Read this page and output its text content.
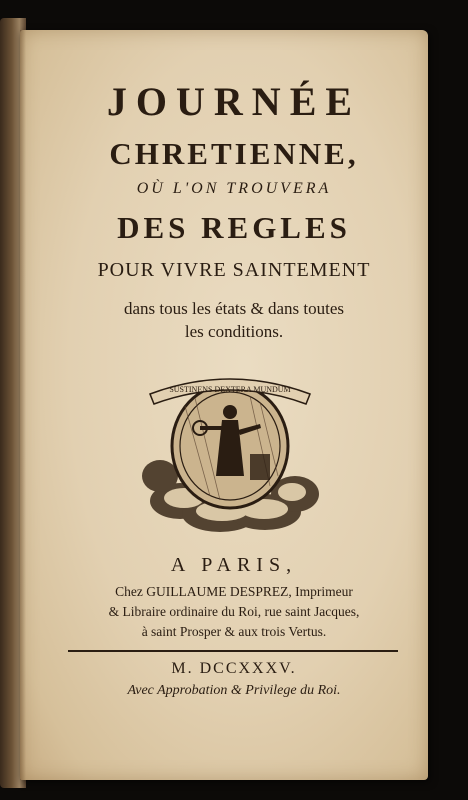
JOURNÉE
CHRETIENNE,
OÙ L'ON TROUVERA
DES REGLES
POUR VIVRE SAINTEMENT
dans tous les états & dans toutes
les conditions.
SUSTINENS DEXTERA MUNDUM
A PARIS,
Chez GUILLAUME DESPREZ, Imprimeur
& Libraire ordinaire du Roi, rue saint Jacques,
à saint Prosper & aux trois Vertus.
M. DCCXXXV.
Avec Approbation & Privilege du Roi.
